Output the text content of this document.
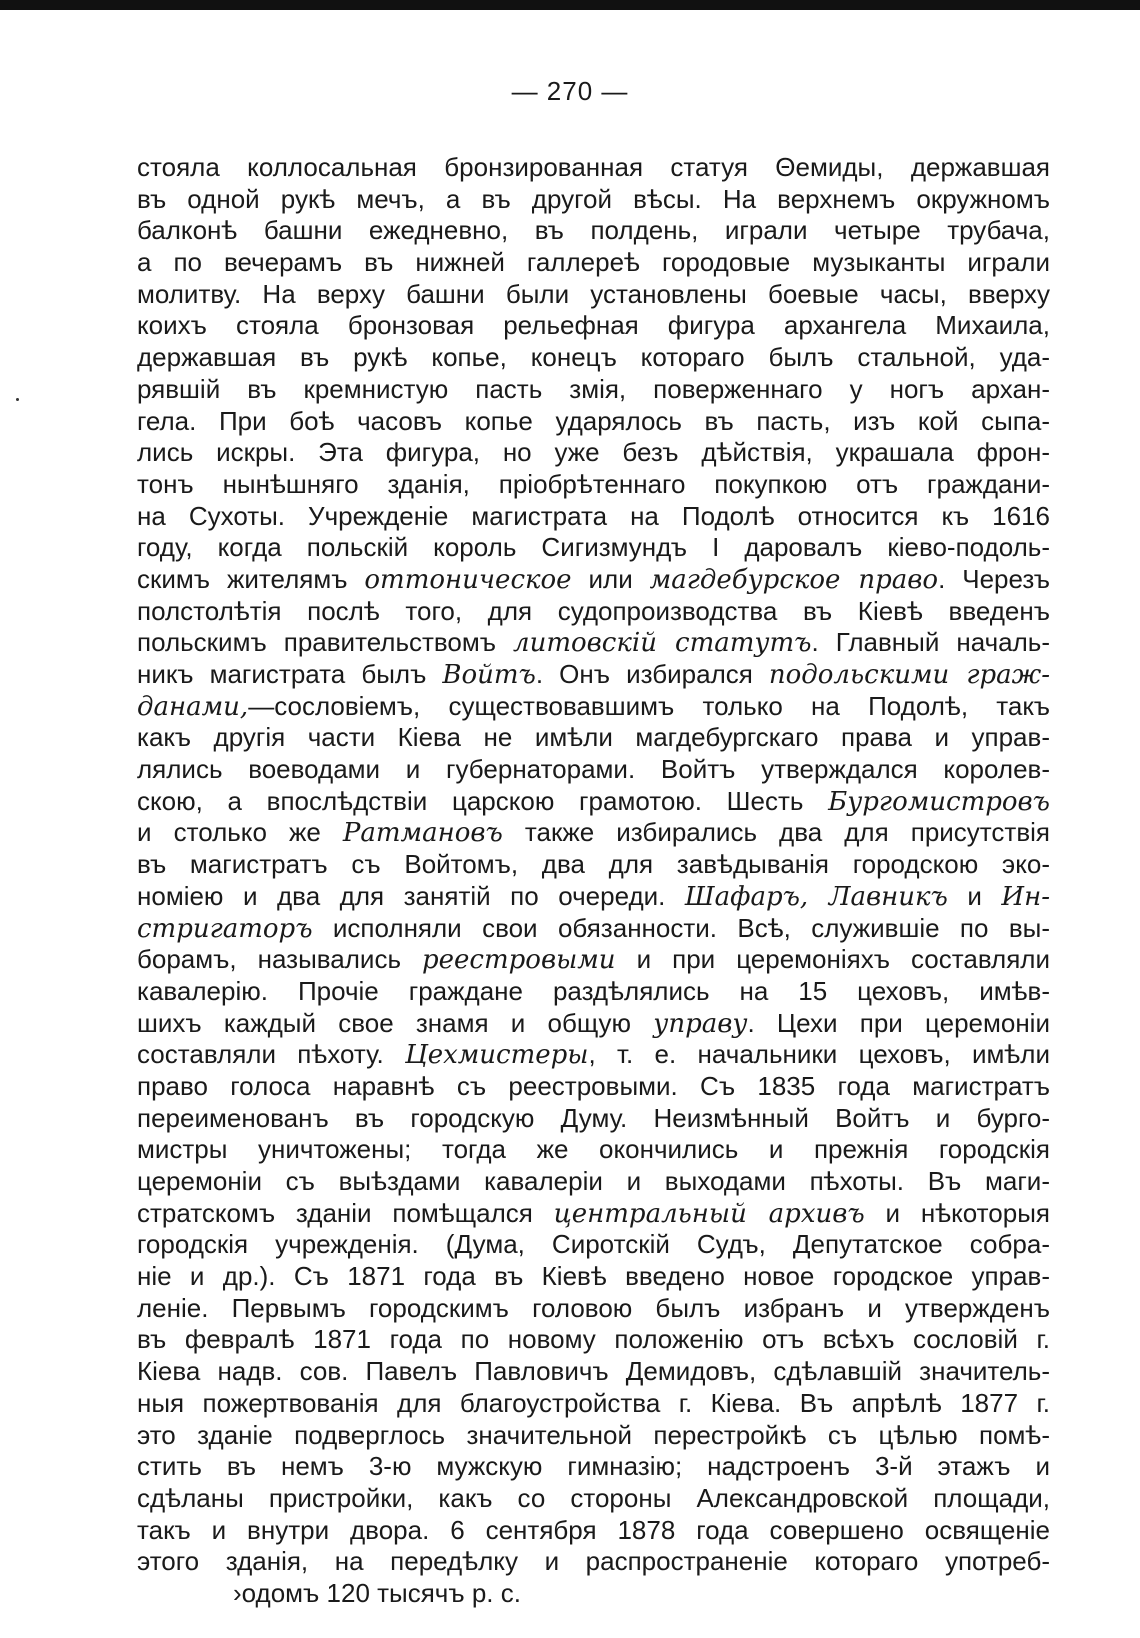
— 270 —
стояла коллосальная бронзированная статуя Θемиды, державшая
въ одной рукѣ мечъ, а въ другой вѣсы. На верхнемъ окружномъ
балконѣ башни ежедневно, въ полдень, играли четыре трубача,
а по вечерамъ въ нижней галлереѣ городовые музыканты играли
молитву. На верху башни были установлены боевые часы, вверху
коихъ стояла бронзовая рельефная фигура архангела Михаила,
державшая въ рукѣ копье, конецъ котораго былъ стальной, уда-
рявшій въ кремнистую пасть змія, поверженнаго у ногъ архан-
гела. При боѣ часовъ копье ударялось въ пасть, изъ кой сыпа-
лись искры. Эта фигура, но уже безъ дѣйствія, украшала фрон-
тонъ нынѣшняго зданія, пріобрѣтеннаго покупкою отъ граждани-
на Сухоты. Учрежденіе магистрата на Подолѣ относится къ 1616
году, когда польскій король Сигизмундъ I даровалъ кіево-подоль-
скимъ жителямъ оттоническое или магдебурское право. Черезъ
полстолѣтія послѣ того, для судопроизводства въ Кіевѣ введенъ
польскимъ правительствомъ литовскій статутъ. Главный началь-
никъ магистрата былъ Войтъ. Онъ избирался подольскими граж-
данами,—сословіемъ, существовавшимъ только на Подолѣ, такъ
какъ другія части Кіева не имѣли магдебургскаго права и управ-
лялись воеводами и губернаторами. Войтъ утверждался королев-
скою, а впослѣдствіи царскою грамотою. Шесть Бургомистровъ
и столько же Ратмановъ также избирались два для присутствія
въ магистратъ съ Войтомъ, два для завѣдыванія городскою эко-
номіею и два для занятій по очереди. Шафаръ, Лавникъ и Ин-
стригаторъ исполняли свои обязанности. Всѣ, служившіе по вы-
борамъ, назывались реестровыми и при церемоніяхъ составляли
кавалерію. Прочіе граждане раздѣлялись на 15 цеховъ, имѣв-
шихъ каждый свое знамя и общую управу. Цехи при церемоніи
составляли пѣхоту. Цехмистеры, т. е. начальники цеховъ, имѣли
право голоса наравнѣ съ реестровыми. Съ 1835 года магистратъ
переименованъ въ городскую Думу. Неизмѣнный Войтъ и бурго-
мистры уничтожены; тогда же окончились и прежнія городскія
церемоніи съ выѣздами кавалеріи и выходами пѣхоты. Въ маги-
стратскомъ зданіи помѣщался центральный архивъ и нѣкоторыя
городскія учрежденія. (Дума, Сиротскій Судъ, Депутатское собра-
ніе и др.). Съ 1871 года въ Кіевѣ введено новое городское управ-
леніе. Первымъ городскимъ головою былъ избранъ и утвержденъ
въ февралѣ 1871 года по новому положенію отъ всѣхъ сословій г.
Кіева надв. сов. Павелъ Павловичъ Демидовъ, сдѣлавшій значитель-
ныя пожертвованія для благоустройства г. Кіева. Въ апрѣлѣ 1877 г.
это зданіе подверглось значительной перестройкѣ съ цѣлью помѣ-
стить въ немъ 3-ю мужскую гимназію; надстроенъ 3-й этажъ и
сдѣланы пристройки, какъ со стороны Александровской площади,
такъ и внутри двора. 6 сентября 1878 года совершено освященіе
этого зданія, на передѣлку и распространеніе котораго употреб-
›одомъ 120 тысячъ р. с.
